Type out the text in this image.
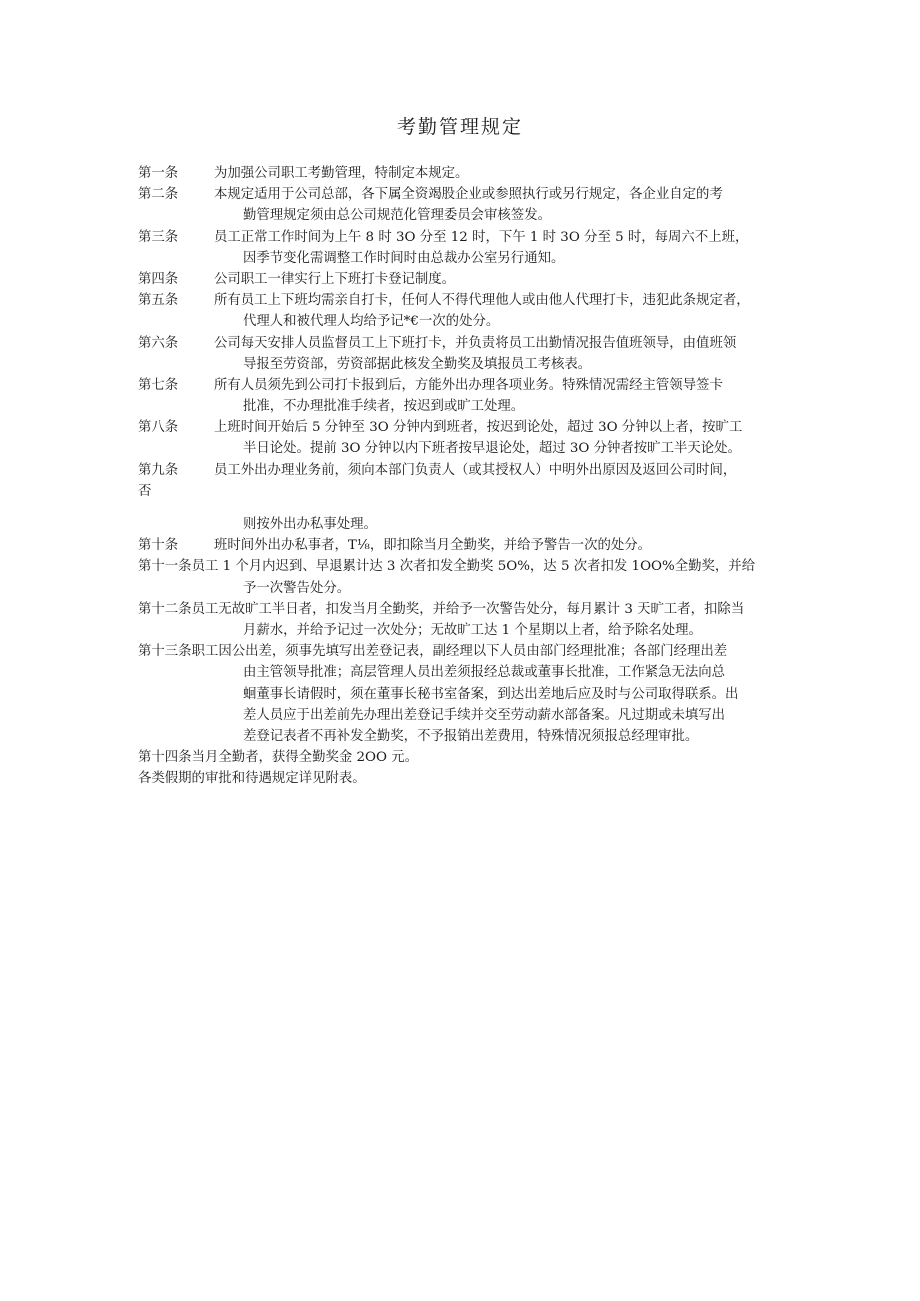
考勤管理规定
第一条	为加强公司职工考勤管理，特制定本规定。
第二条	本规定适用于公司总部，各下属全资竭股企业或参照执行或另行规定，各企业自定的考
勤管理规定须由总公司规范化管理委员会审核签发。
第三条	员工正常工作时间为上午 8 时 3O 分至 12 时，下午 1 时 3O 分至 5 时，每周六不上班，
因季节变化需调整工作时间时由总裁办公室另行通知。
第四条	公司职工一律实行上下班打卡登记制度。
第五条	所有员工上下班均需亲自打卡，任何人不得代理他人或由他人代理打卡，违犯此条规定者，
代理人和被代理人均给予记*€一次的处分。
第六条	公司每天安排人员监督员工上下班打卡，并负责将员工出勤情况报告值班领导，由值班领
导报至劳资部，劳资部据此核发全勤奖及填报员工考核表。
第七条	所有人员须先到公司打卡报到后，方能外出办理各项业务。特殊情况需经主管领导签卡
批准，不办理批准手续者，按迟到或旷工处理。
第八条	上班时间开始后 5 分钟至 3O 分钟内到班者，按迟到论处，超过 3O 分钟以上者，按旷工
半日论处。提前 3O 分钟以内下班者按早退论处，超过 3O 分钟者按旷工半天论处。
第九条	员工外出办理业务前，须向本部门负责人（或其授权人）中明外出原因及返回公司时间，
否
则按外出办私事处理。
第十条	班时间外出办私事者，T⅛，即扣除当月全勤奖，并给予警告一次的处分。
第十一条员工 1 个月内迟到、早退累计达 3 次者扣发全勤奖 5O%，达 5 次者扣发 1OO%全勤奖，并给
予一次警告处分。
第十二条员工无故旷工半日者，扣发当月全勤奖，并给予一次警告处分，每月累计 3 天旷工者，扣除当
月薪水，并给予记过一次处分；无故旷工达 1 个星期以上者，给予除名处理。
第十三条职工因公出差，须事先填写出差登记表，副经理以下人员由部门经理批准；各部门经理出差
由主管领导批准；高层管理人员出差须报经总裁或董事长批准，工作紧急无法向总
蛔董事长请假时，须在董事长秘书室备案，到达出差地后应及时与公司取得联系。出
差人员应于出差前先办理出差登记手续并交至劳动薪水部备案。凡过期或未填写出
差登记表者不再补发全勤奖，不予报销出差费用，特殊情况须报总经理审批。
第十四条当月全勤者，获得全勤奖金 2OO 元。
各类假期的审批和待遇规定详见附表。
